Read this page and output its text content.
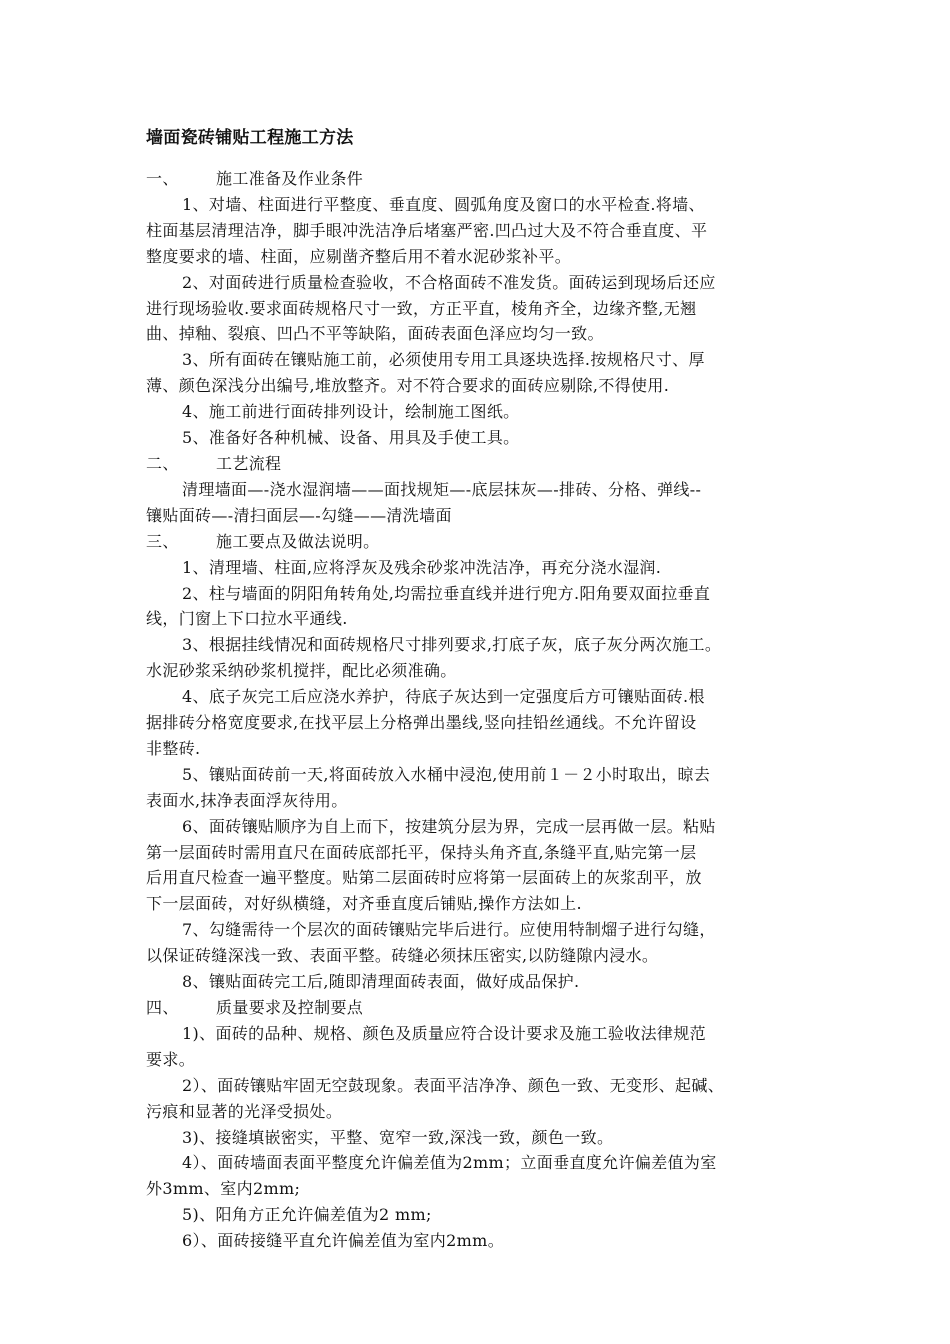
墙面瓷砖铺贴工程施工方法
一、 施工准备及作业条件
1、对墙、柱面进行平整度、垂直度、圆弧角度及窗口的水平检查.将墙、
柱面基层清理洁净，脚手眼冲洗洁净后堵塞严密.凹凸过大及不符合垂直度、平
整度要求的墙、柱面，应剔凿齐整后用不着水泥砂浆补平。
2、对面砖进行质量检查验收，不合格面砖不准发货。面砖运到现场后还应
进行现场验收.要求面砖规格尺寸一致，方正平直，棱角齐全，边缘齐整,无翘
曲、掉釉、裂痕、凹凸不平等缺陷，面砖表面色泽应均匀一致。
3、所有面砖在镶贴施工前，必须使用专用工具逐块选择.按规格尺寸、厚
薄、颜色深浅分出编号,堆放整齐。对不符合要求的面砖应剔除,不得使用.
4、施工前进行面砖排列设计，绘制施工图纸。
5、准备好各种机械、设备、用具及手使工具。
二、 工艺流程
清理墙面—-浇水湿润墙——面找规矩—-底层抹灰—-排砖、分格、弹线--
镶贴面砖—-清扫面层—-勾缝——清洗墙面
三、 施工要点及做法说明。
1、清理墙、柱面,应将浮灰及残余砂浆冲洗洁净，再充分浇水湿润.
2、柱与墙面的阴阳角转角处,均需拉垂直线并进行兜方.阳角要双面拉垂直
线，门窗上下口拉水平通线.
3、根据挂线情况和面砖规格尺寸排列要求,打底子灰，底子灰分两次施工。
水泥砂浆采纳砂浆机搅拌，配比必须准确。
4、底子灰完工后应浇水养护，待底子灰达到一定强度后方可镶贴面砖.根
据排砖分格宽度要求,在找平层上分格弹出墨线,竖向挂铅丝通线。不允许留设
非整砖.
5、镶贴面砖前一天,将面砖放入水桶中浸泡,使用前１－２小时取出，晾去
表面水,抹净表面浮灰待用。
6、面砖镶贴顺序为自上而下，按建筑分层为界，完成一层再做一层。粘贴
第一层面砖时需用直尺在面砖底部托平，保持头角齐直,条缝平直,贴完第一层
后用直尺检查一遍平整度。贴第二层面砖时应将第一层面砖上的灰浆刮平，放
下一层面砖，对好纵横缝，对齐垂直度后铺贴,操作方法如上.
7、勾缝需待一个层次的面砖镶贴完毕后进行。应使用特制熘子进行勾缝，
以保证砖缝深浅一致、表面平整。砖缝必须抹压密实,以防缝隙内浸水。
8、镶贴面砖完工后,随即清理面砖表面，做好成品保护.
四、 质量要求及控制要点
1)、面砖的品种、规格、颜色及质量应符合设计要求及施工验收法律规范
要求。
2）、面砖镶贴牢固无空鼓现象。表面平洁净净、颜色一致、无变形、起碱、
污痕和显著的光泽受损处。
3)、接缝填嵌密实，平整、宽窄一致,深浅一致，颜色一致。
4）、面砖墙面表面平整度允许偏差值为2mm；立面垂直度允许偏差值为室
外3mm、室内2mm;
5)、阳角方正允许偏差值为2 mm;
6）、面砖接缝平直允许偏差值为室内2mm。
